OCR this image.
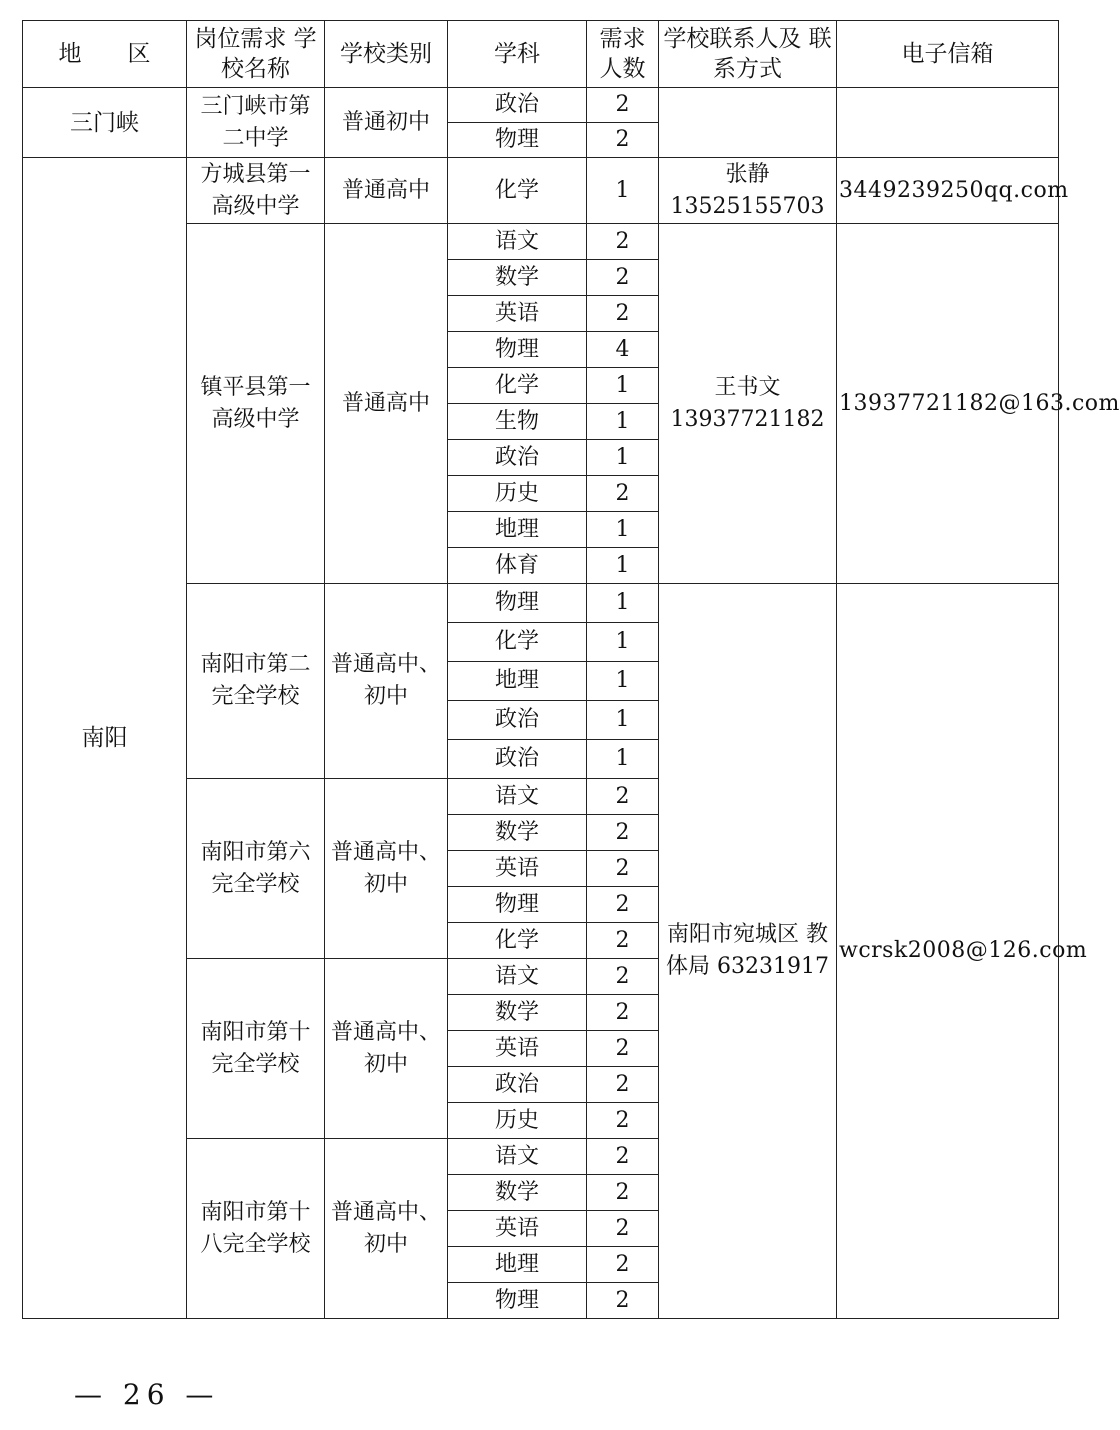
地　　区	岗位需求 学校名称	学校类别	学科	需求 人数	学校联系人及 联系方式	电子信箱
三门峡	三门峡市第 二中学	普通初中	政治	2		
			物理	2		
南阳	方城县第一 高级中学	普通高中	化学	1	张静 13525155703	3449239250qq.com
	镇平县第一 高级中学	普通高中	语文	2	王书文 13937721182	13937721182@163.com
			数学	2		
			英语	2		
			物理	4		
			化学	1		
			生物	1		
			政治	1		
			历史	2		
			地理	1		
			体育	1		
	南阳市第二 完全学校	普通高中、 初中	物理	1	南阳市宛城区 教体局 63231917	wcrsk2008@126.com
			化学	1		
			地理	1		
			政治	1		
			政治	1		
	南阳市第六 完全学校	普通高中、 初中	语文	2		
			数学	2		
			英语	2		
			物理	2		
			化学	2		
	南阳市第十 完全学校	普通高中、 初中	语文	2		
			数学	2		
			英语	2		
			政治	2		
			历史	2		
	南阳市第十 八完全学校	普通高中、 初中	语文	2		
			数学	2		
			英语	2		
			地理	2		
			物理	2		
— 26 —
